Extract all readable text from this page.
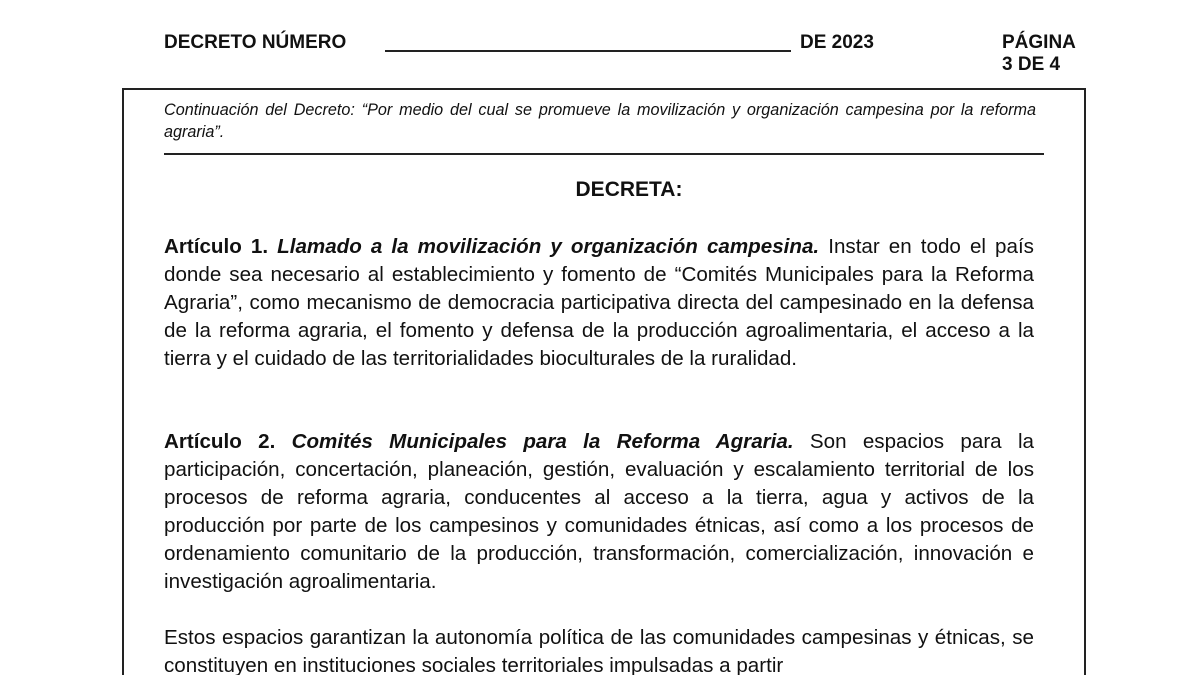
DECRETO NÚMERO	DE 2023	PÁGINA 3 DE 4
Continuación del Decreto: “Por medio del cual se promueve la movilización y organización campesina por la reforma agraria”.
DECRETA:

Artículo 1. Llamado a la movilización y organización campesina. Instar en todo el país donde sea necesario al establecimiento y fomento de “Comités Municipales para la Reforma Agraria”, como mecanismo de democracia participativa directa del campesinado en la defensa de la reforma agraria, el fomento y defensa de la producción agroalimentaria, el acceso a la tierra y el cuidado de las territorialidades bioculturales de la ruralidad.

Artículo 2. Comités Municipales para la Reforma Agraria. Son espacios para la participación, concertación, planeación, gestión, evaluación y escalamiento territorial de los procesos de reforma agraria, conducentes al acceso a la tierra, agua y activos de la producción por parte de los campesinos y comunidades étnicas, así como a los procesos de ordenamiento comunitario de la producción, transformación, comercialización, innovación e investigación agroalimentaria.

Estos espacios garantizan la autonomía política de las comunidades campesinas y étnicas, se constituyen en instituciones sociales territoriales impulsadas a partir
